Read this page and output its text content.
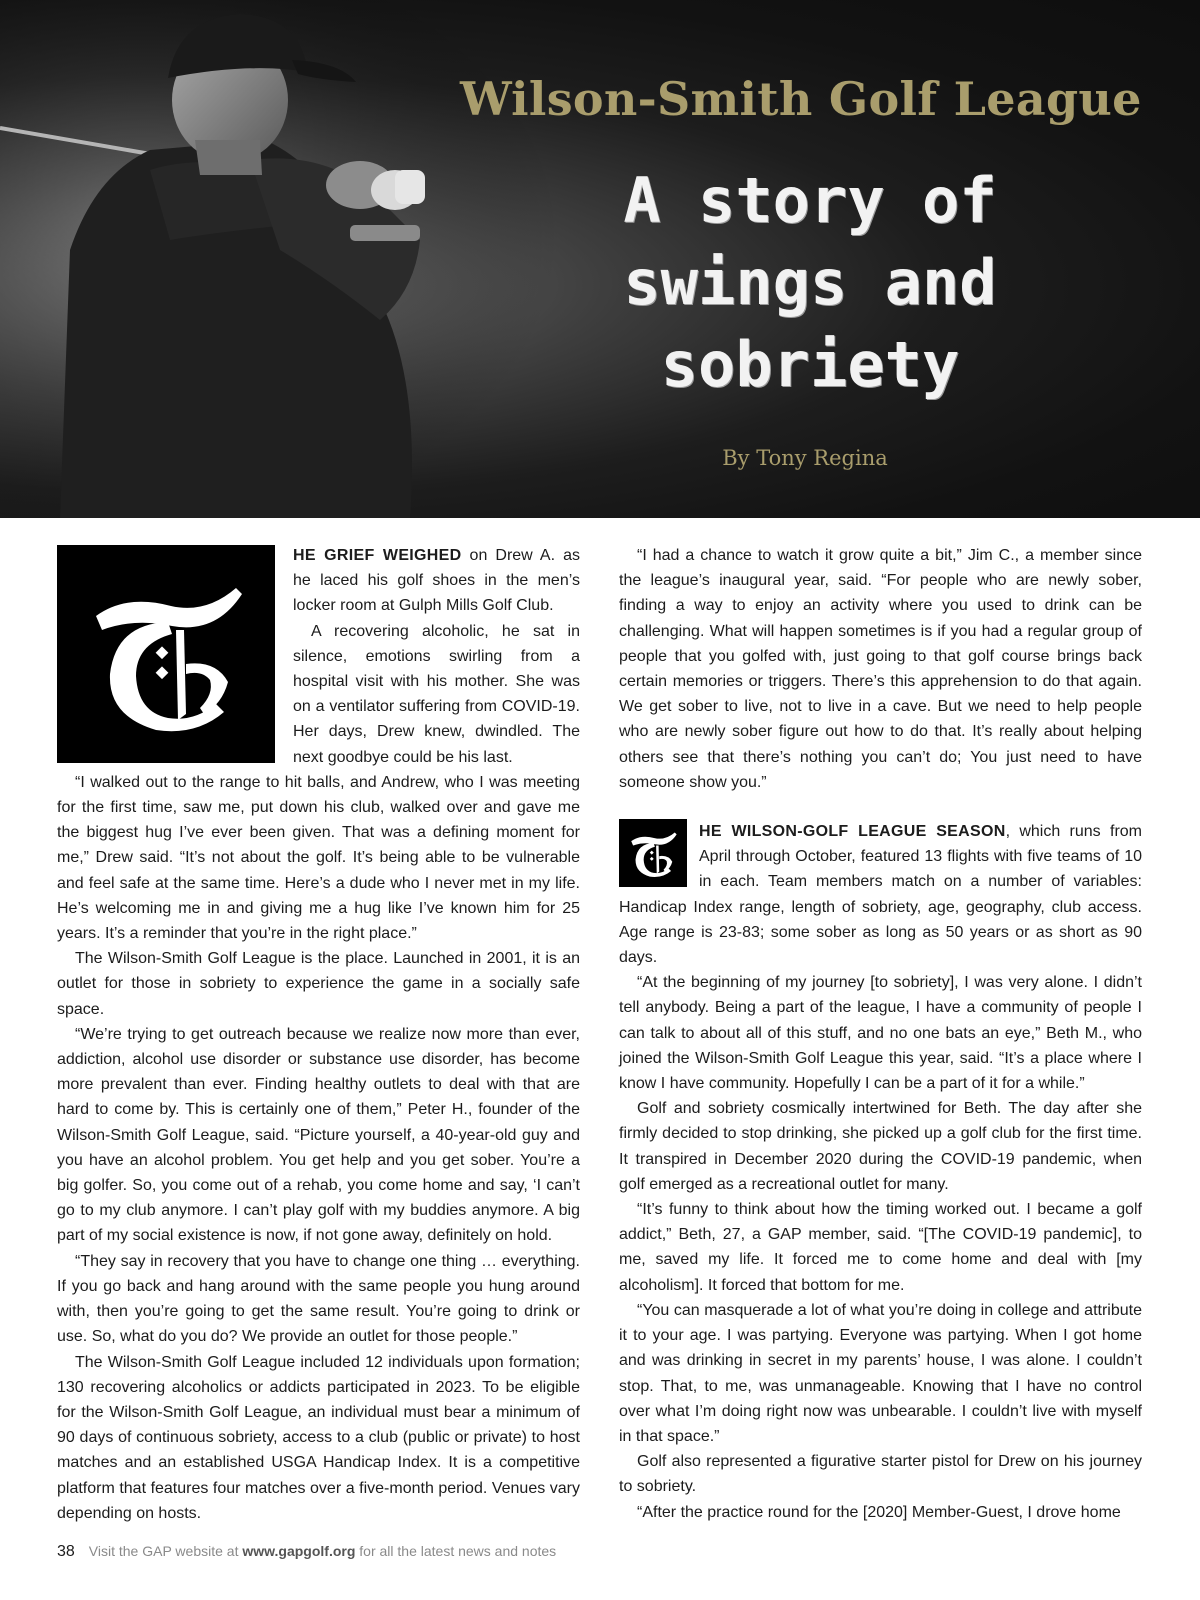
Wilson-Smith Golf League
A story of
swings and
sobriety

By Tony Regina

HE GRIEF WEIGHED on Drew A. as he laced his golf shoes in the men’s locker room at Gulph Mills Golf Club.

A recovering alcoholic, he sat in silence, emotions swirling from a hospital visit with his mother. She was on a ventilator suffering from COVID-19. Her days, Drew knew, dwindled. The next goodbye could be his last.

“I walked out to the range to hit balls, and Andrew, who I was meeting for the first time, saw me, put down his club, walked over and gave me the biggest hug I’ve ever been given. That was a defining moment for me,” Drew said. “It’s not about the golf. It’s being able to be vulnerable and feel safe at the same time. Here’s a dude who I never met in my life. He’s welcoming me in and giving me a hug like I’ve known him for 25 years. It’s a reminder that you’re in the right place.”

The Wilson-Smith Golf League is the place. Launched in 2001, it is an outlet for those in sobriety to experience the game in a socially safe space.

“We’re trying to get outreach because we realize now more than ever, addiction, alcohol use disorder or substance use disorder, has become more prevalent than ever. Finding healthy outlets to deal with that are hard to come by. This is certainly one of them,” Peter H., founder of the Wilson-Smith Golf League, said. “Picture yourself, a 40-year-old guy and you have an alcohol problem. You get help and you get sober. You’re a big golfer. So, you come out of a rehab, you come home and say, ‘I can’t go to my club anymore. I can’t play golf with my buddies anymore. A big part of my social existence is now, if not gone away, definitely on hold.

“They say in recovery that you have to change one thing … everything. If you go back and hang around with the same people you hung around with, then you’re going to get the same result. You’re going to drink or use. So, what do you do? We provide an outlet for those people.”

The Wilson-Smith Golf League included 12 individuals upon formation; 130 recovering alcoholics or addicts participated in 2023. To be eligible for the Wilson-Smith Golf League, an individual must bear a minimum of 90 days of continuous sobriety, access to a club (public or private) to host matches and an established USGA Handicap Index. It is a competitive platform that features four matches over a five-month period. Venues vary depending on hosts.

“I had a chance to watch it grow quite a bit,” Jim C., a member since the league’s inaugural year, said. “For people who are newly sober, finding a way to enjoy an activity where you used to drink can be challenging. What will happen sometimes is if you had a regular group of people that you golfed with, just going to that golf course brings back certain memories or triggers. There’s this apprehension to do that again. We get sober to live, not to live in a cave. But we need to help people who are newly sober figure out how to do that. It’s really about helping others see that there’s nothing you can’t do; You just need to have someone show you.”

HE WILSON-GOLF LEAGUE SEASON, which runs from April through October, featured 13 flights with five teams of 10 in each. Team members match on a number of variables: Handicap Index range, length of sobriety, age, geography, club access. Age range is 23-83; some sober as long as 50 years or as short as 90 days.

“At the beginning of my journey [to sobriety], I was very alone. I didn’t tell anybody. Being a part of the league, I have a community of people I can talk to about all of this stuff, and no one bats an eye,” Beth M., who joined the Wilson-Smith Golf League this year, said. “It’s a place where I know I have community. Hopefully I can be a part of it for a while.”

Golf and sobriety cosmically intertwined for Beth. The day after she firmly decided to stop drinking, she picked up a golf club for the first time. It transpired in December 2020 during the COVID-19 pandemic, when golf emerged as a recreational outlet for many.

“It’s funny to think about how the timing worked out. I became a golf addict,” Beth, 27, a GAP member, said. “[The COVID-19 pandemic], to me, saved my life. It forced me to come home and deal with [my alcoholism]. It forced that bottom for me.

“You can masquerade a lot of what you’re doing in college and attribute it to your age. I was partying. Everyone was partying. When I got home and was drinking in secret in my parents’ house, I was alone. I couldn’t stop. That, to me, was unmanageable. Knowing that I have no control over what I’m doing right now was unbearable. I couldn’t live with myself in that space.”

Golf also represented a figurative starter pistol for Drew on his journey to sobriety.

“After the practice round for the [2020] Member-Guest, I drove home

38 Visit the GAP website at www.gapgolf.org for all the latest news and notes
